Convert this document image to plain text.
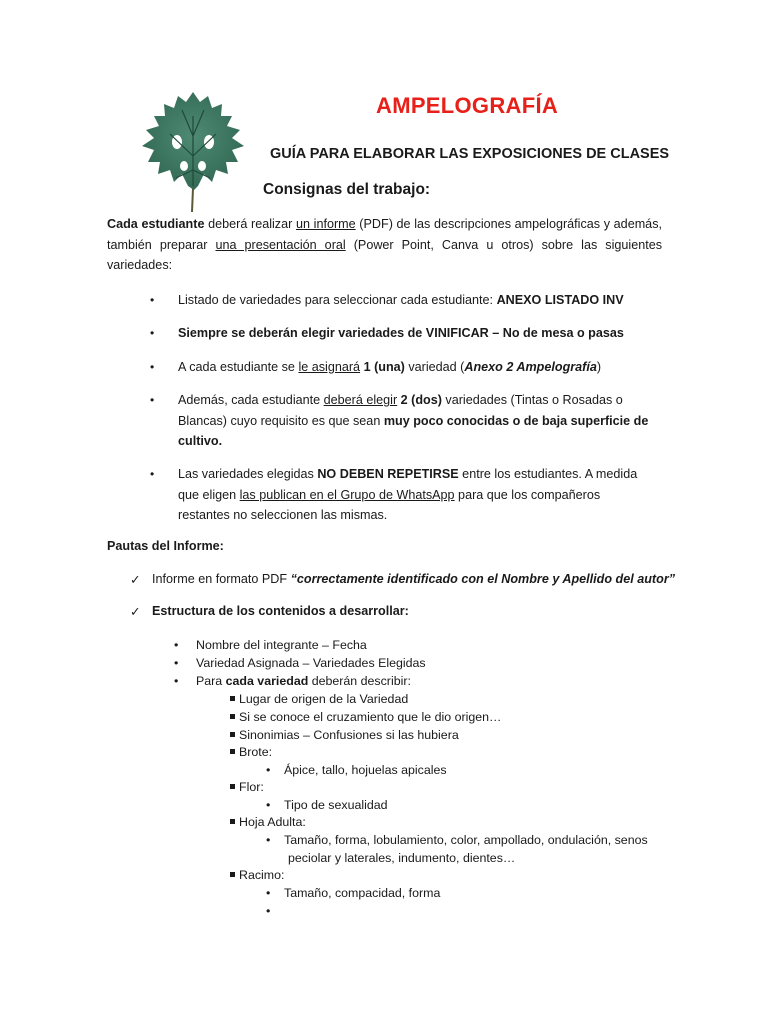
AMPELOGRAFÍA
GUÍA PARA ELABORAR LAS EXPOSICIONES DE CLASES
Consignas del trabajo:
Cada estudiante deberá realizar un informe (PDF) de las descripciones ampelográficas y además, también preparar una presentación oral (Power Point, Canva u otros) sobre las siguientes variedades:
• Listado de variedades para seleccionar cada estudiante: ANEXO LISTADO INV
• Siempre se deberán elegir variedades de VINIFICAR – No de mesa o pasas
• A cada estudiante se le asignará 1 (una) variedad (Anexo 2 Ampelografía)
• Además, cada estudiante deberá elegir 2 (dos) variedades (Tintas o Rosadas o Blancas) cuyo requisito es que sean muy poco conocidas o de baja superficie de cultivo.
• Las variedades elegidas NO DEBEN REPETIRSE entre los estudiantes. A medida que eligen las publican en el Grupo de WhatsApp para que los compañeros restantes no seleccionen las mismas.
Pautas del Informe:
✓ Informe en formato PDF “correctamente identificado con el Nombre y Apellido del autor”
✓ Estructura de los contenidos a desarrollar:
• Nombre del integrante – Fecha
• Variedad Asignada – Variedades Elegidas
• Para cada variedad deberán describir:
Lugar de origen de la Variedad
Si se conoce el cruzamiento que le dio origen…
Sinonimias – Confusiones si las hubiera
Brote:
• Ápice, tallo, hojuelas apicales
Flor:
• Tipo de sexualidad
Hoja Adulta:
• Tamaño, forma, lobulamiento, color, ampollado, ondulación, senos
peciolar y laterales, indumento, dientes…
Racimo:
• Tamaño, compacidad, forma
•
